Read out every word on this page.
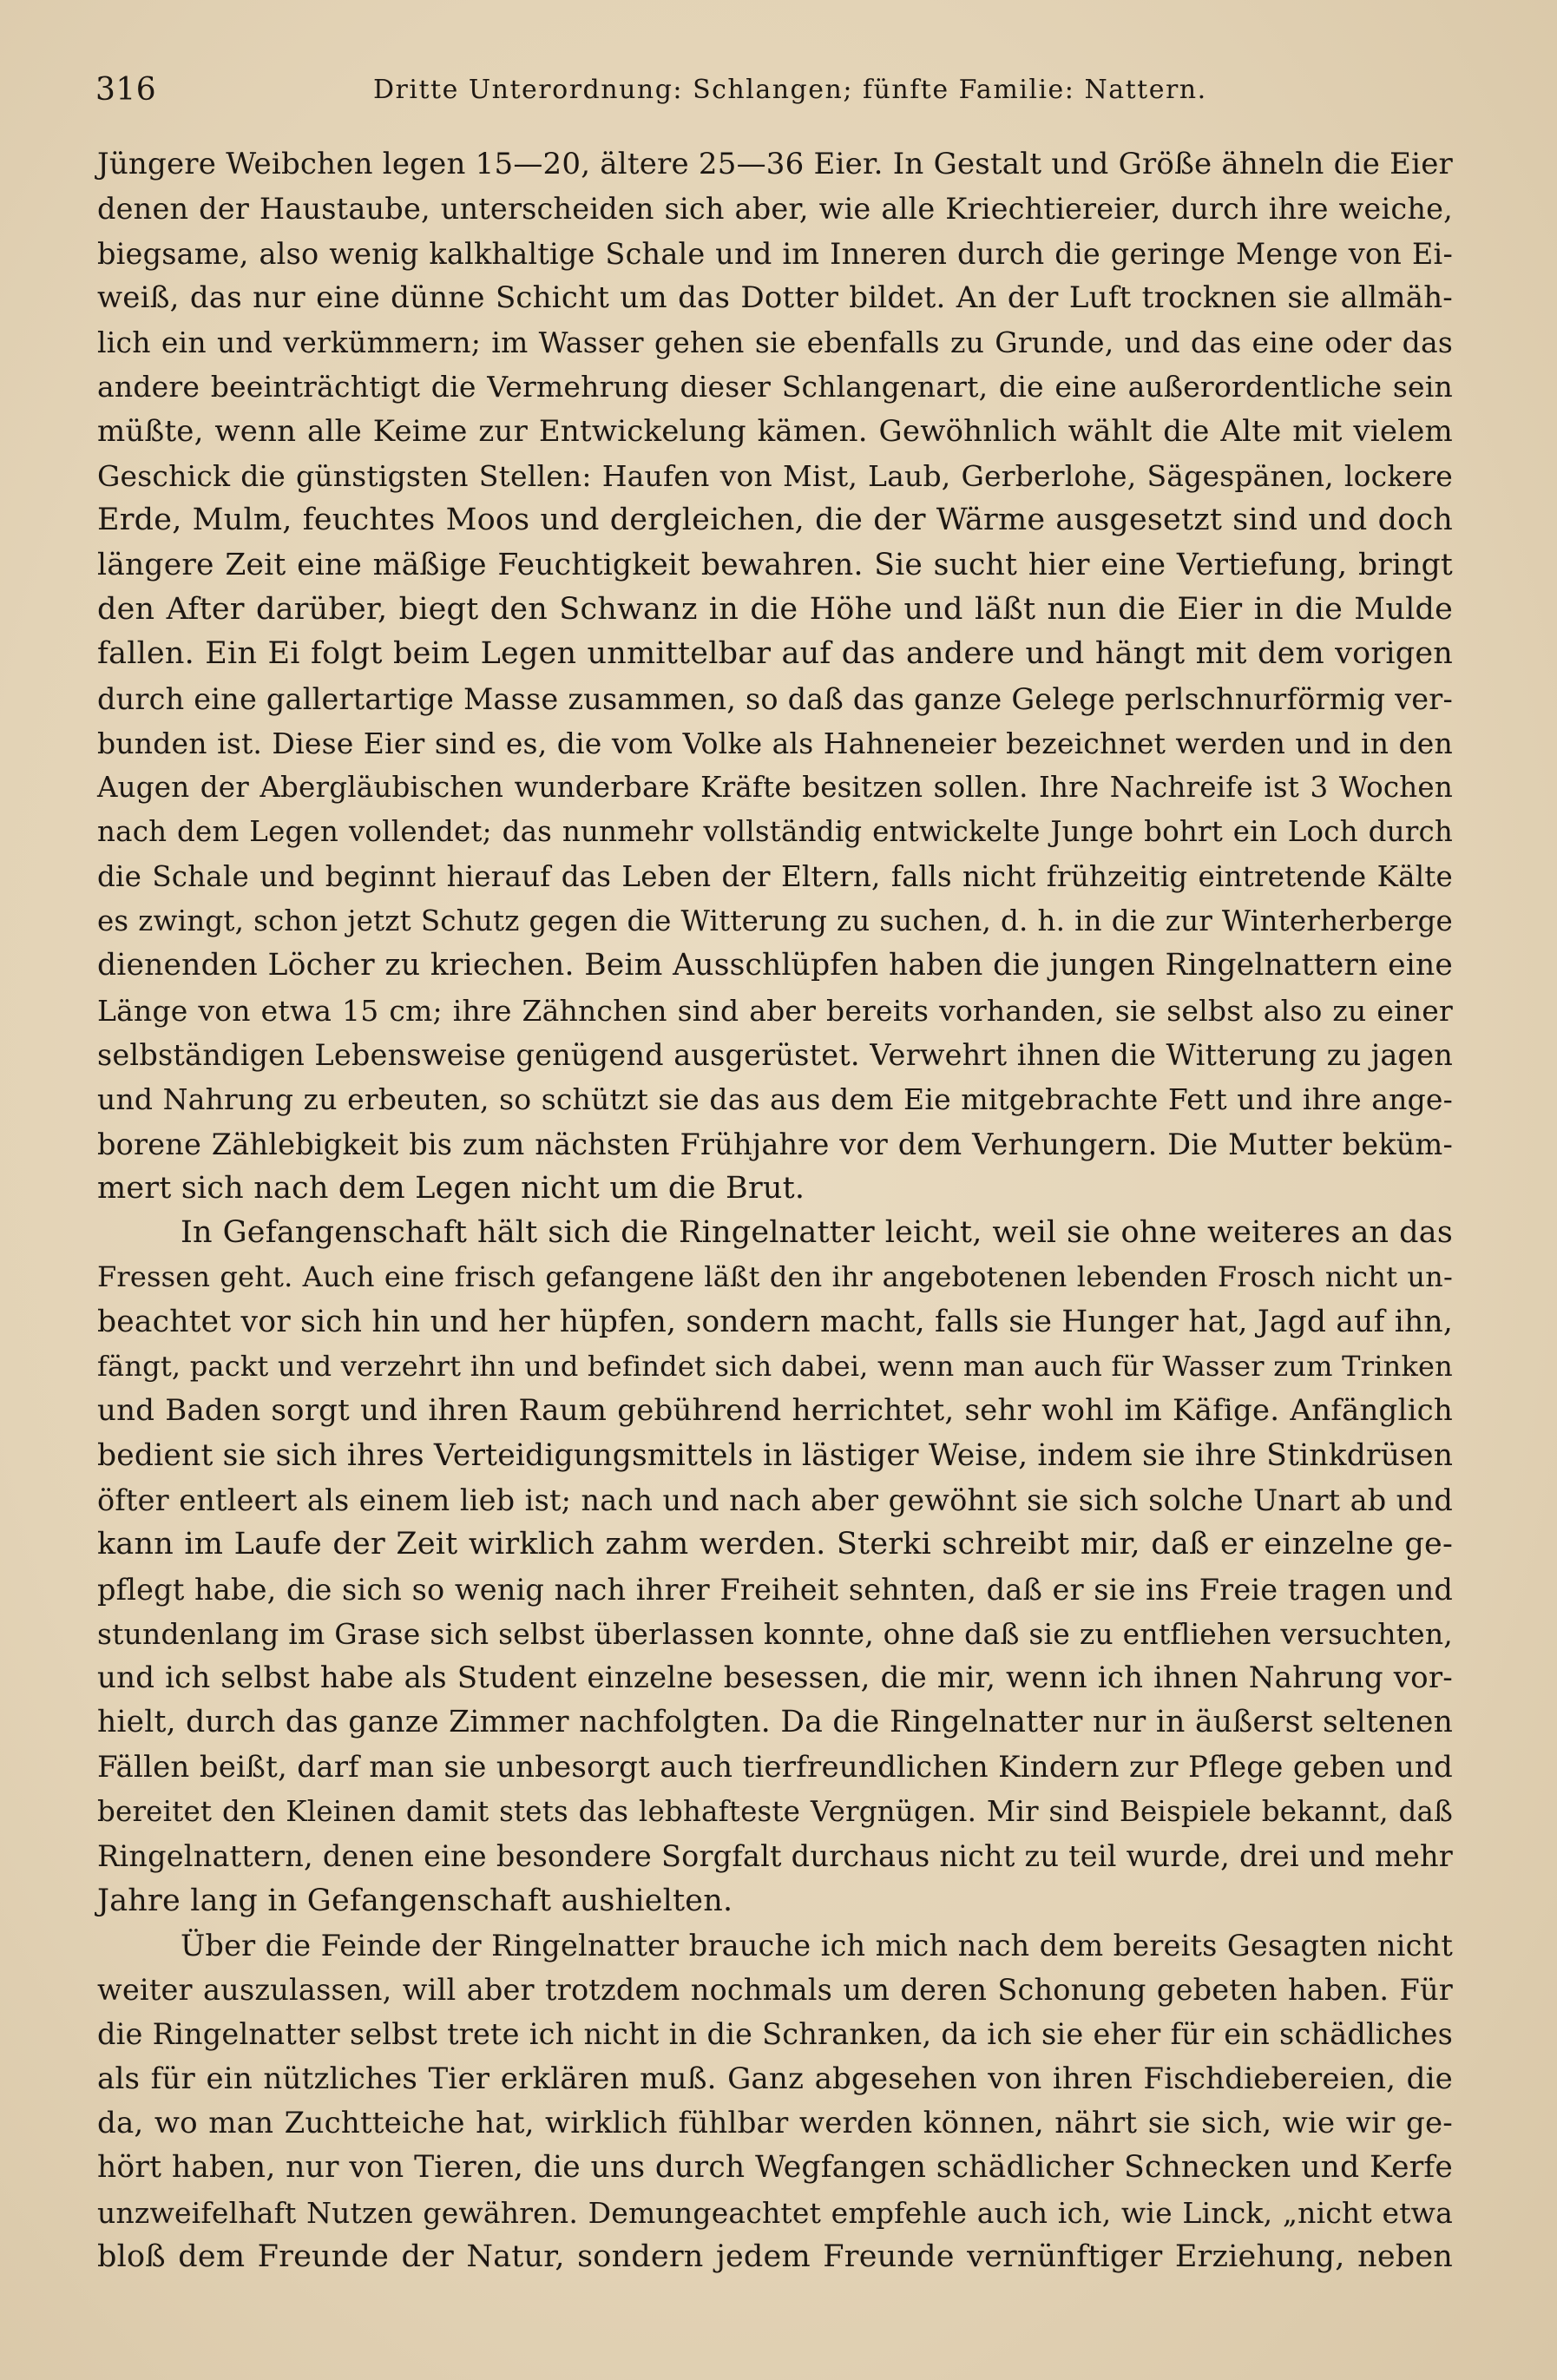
316	Dritte Unterordnung: Schlangen; fünfte Familie: Nattern.
Jüngere Weibchen legen 15—20, ältere 25—36 Eier. In Gestalt und Größe ähneln die Eier
denen der Haustaube, unterscheiden sich aber, wie alle Kriechtiereier, durch ihre weiche,
biegsame, also wenig kalkhaltige Schale und im Inneren durch die geringe Menge von Ei-
weiß, das nur eine dünne Schicht um das Dotter bildet. An der Luft trocknen sie allmäh-
lich ein und verkümmern; im Wasser gehen sie ebenfalls zu Grunde, und das eine oder das
andere beeinträchtigt die Vermehrung dieser Schlangenart, die eine außerordentliche sein
müßte, wenn alle Keime zur Entwickelung kämen. Gewöhnlich wählt die Alte mit vielem
Geschick die günstigsten Stellen: Haufen von Mist, Laub, Gerberlohe, Sägespänen, lockere
Erde, Mulm, feuchtes Moos und dergleichen, die der Wärme ausgesetzt sind und doch
längere Zeit eine mäßige Feuchtigkeit bewahren. Sie sucht hier eine Vertiefung, bringt
den After darüber, biegt den Schwanz in die Höhe und läßt nun die Eier in die Mulde
fallen. Ein Ei folgt beim Legen unmittelbar auf das andere und hängt mit dem vorigen
durch eine gallertartige Masse zusammen, so daß das ganze Gelege perlschnurförmig ver-
bunden ist. Diese Eier sind es, die vom Volke als Hahneneier bezeichnet werden und in den
Augen der Abergläubischen wunderbare Kräfte besitzen sollen. Ihre Nachreife ist 3 Wochen
nach dem Legen vollendet; das nunmehr vollständig entwickelte Junge bohrt ein Loch durch
die Schale und beginnt hierauf das Leben der Eltern, falls nicht frühzeitig eintretende Kälte
es zwingt, schon jetzt Schutz gegen die Witterung zu suchen, d. h. in die zur Winterherberge
dienenden Löcher zu kriechen. Beim Ausschlüpfen haben die jungen Ringelnattern eine
Länge von etwa 15 cm; ihre Zähnchen sind aber bereits vorhanden, sie selbst also zu einer
selbständigen Lebensweise genügend ausgerüstet. Verwehrt ihnen die Witterung zu jagen
und Nahrung zu erbeuten, so schützt sie das aus dem Eie mitgebrachte Fett und ihre ange-
borene Zählebigkeit bis zum nächsten Frühjahre vor dem Verhungern. Die Mutter beküm-
mert sich nach dem Legen nicht um die Brut.
In Gefangenschaft hält sich die Ringelnatter leicht, weil sie ohne weiteres an das
Fressen geht. Auch eine frisch gefangene läßt den ihr angebotenen lebenden Frosch nicht un-
beachtet vor sich hin und her hüpfen, sondern macht, falls sie Hunger hat, Jagd auf ihn,
fängt, packt und verzehrt ihn und befindet sich dabei, wenn man auch für Wasser zum Trinken
und Baden sorgt und ihren Raum gebührend herrichtet, sehr wohl im Käfige. Anfänglich
bedient sie sich ihres Verteidigungsmittels in lästiger Weise, indem sie ihre Stinkdrüsen
öfter entleert als einem lieb ist; nach und nach aber gewöhnt sie sich solche Unart ab und
kann im Laufe der Zeit wirklich zahm werden. Sterki schreibt mir, daß er einzelne ge-
pflegt habe, die sich so wenig nach ihrer Freiheit sehnten, daß er sie ins Freie tragen und
stundenlang im Grase sich selbst überlassen konnte, ohne daß sie zu entfliehen versuchten,
und ich selbst habe als Student einzelne besessen, die mir, wenn ich ihnen Nahrung vor-
hielt, durch das ganze Zimmer nachfolgten. Da die Ringelnatter nur in äußerst seltenen
Fällen beißt, darf man sie unbesorgt auch tierfreundlichen Kindern zur Pflege geben und
bereitet den Kleinen damit stets das lebhafteste Vergnügen. Mir sind Beispiele bekannt, daß
Ringelnattern, denen eine besondere Sorgfalt durchaus nicht zu teil wurde, drei und mehr
Jahre lang in Gefangenschaft aushielten.
Über die Feinde der Ringelnatter brauche ich mich nach dem bereits Gesagten nicht
weiter auszulassen, will aber trotzdem nochmals um deren Schonung gebeten haben. Für
die Ringelnatter selbst trete ich nicht in die Schranken, da ich sie eher für ein schädliches
als für ein nützliches Tier erklären muß. Ganz abgesehen von ihren Fischdiebereien, die
da, wo man Zuchtteiche hat, wirklich fühlbar werden können, nährt sie sich, wie wir ge-
hört haben, nur von Tieren, die uns durch Wegfangen schädlicher Schnecken und Kerfe
unzweifelhaft Nutzen gewähren. Demungeachtet empfehle auch ich, wie Linck, „nicht etwa
bloß dem Freunde der Natur, sondern jedem Freunde vernünftiger Erziehung, neben
